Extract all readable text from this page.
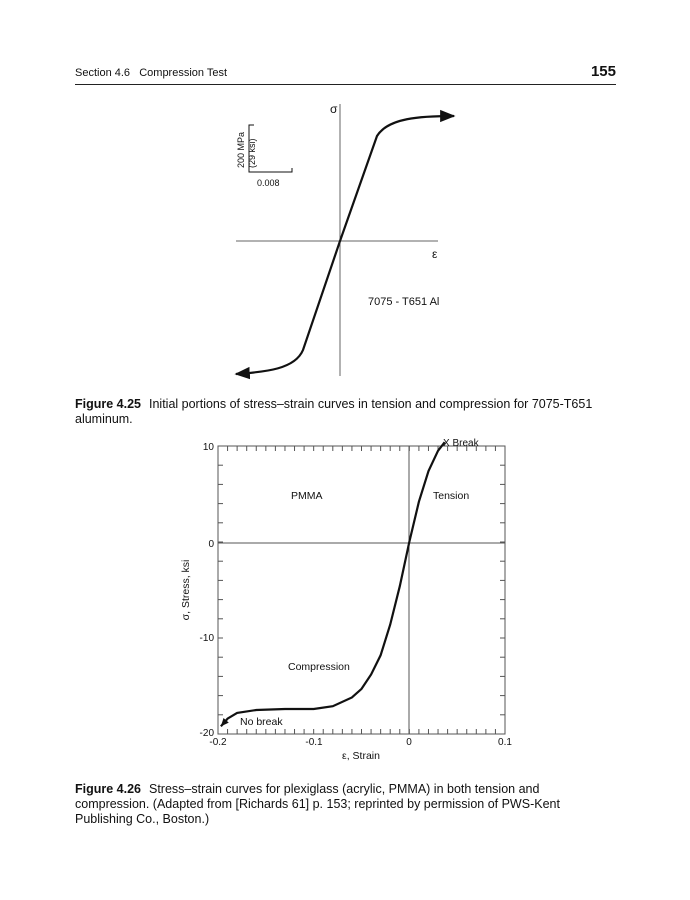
Section 4.6 Compression Test	155
σ
ε
200 MPa (29 ksi)
0.008
7075 - T651 Al
Figure 4.25 Initial portions of stress–strain curves in tension and compression for 7075-T651 aluminum.
10
0
-10
-20
-0.2	-0.1	0	0.1
ε, Strain
σ, Stress, ksi
X Break
PMMA	Tension
Compression
No break
Figure 4.26 Stress–strain curves for plexiglass (acrylic, PMMA) in both tension and compression. (Adapted from [Richards 61] p. 153; reprinted by permission of PWS-Kent Publishing Co., Boston.)
